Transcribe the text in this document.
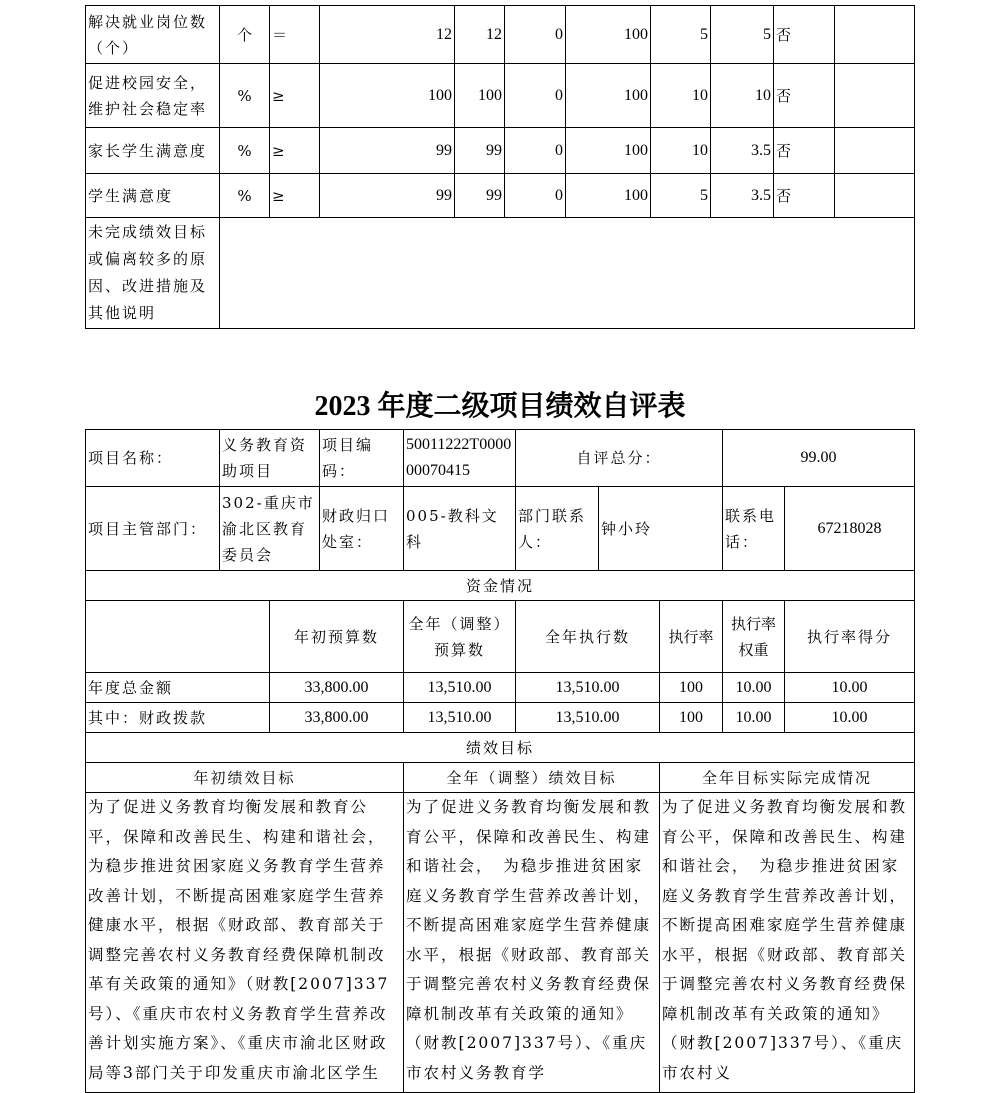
解决就业岗位数（个）	个	＝	12	12	0	100	5	5	否	
促进校园安全，维护社会稳定率	%	≥	100	100	0	100	10	10	否	
家长学生满意度	%	≥	99	99	0	100	10	3.5	否	
学生满意度	%	≥	99	99	0	100	5	3.5	否	
未完成绩效目标或偏离较多的原因、改进措施及其他说明										
2023 年度二级项目绩效自评表
项目名称：	义务教育资助项目		项目编码：	50011222T000000070415	自评总分：			99.00	
项目主管部门：	302-重庆市渝北区教育委员会		财政归口处室：	005-教科文科	部门联系人：	钟小玲		联系电话：	67218028
资金情况									
		年初预算数		全年（调整）预算数	全年执行数		执行率	执行率权重	执行率得分
年度总金额		33,800.00		13,510.00	13,510.00		100	10.00	10.00
其中：财政拨款		33,800.00		13,510.00	13,510.00		100	10.00	10.00
绩效目标									
年初绩效目标				全年（调整）绩效目标			全年目标实际完成情况		
为了促进义务教育均衡发展和教育公平，保障和改善民生、构建和谐社会，为稳步推进贫困家庭义务教育学生营养改善计划，不断提高困难家庭学生营养健康水平，根据《财政部、教育部关于调整完善农村义务教育经费保障机制改革有关政策的通知》（财教[2007]337号）、《重庆市农村义务教育学生营养改善计划实施方案》、《重庆市渝北区财政局等3部门关于印发重庆市渝北区学生				为了促进义务教育均衡发展和教育公平，保障和改善民生、构建和谐社会，　为稳步推进贫困家庭义务教育学生营养改善计划，不断提高困难家庭学生营养健康水平，根据《财政部、教育部关于调整完善农村义务教育经费保障机制改革有关政策的通知》（财教[2007]337号）、《重庆市农村义务教育学			为了促进义务教育均衡发展和教育公平，保障和改善民生、构建和谐社会，　为稳步推进贫困家庭义务教育学生营养改善计划，不断提高困难家庭学生营养健康水平，根据《财政部、教育部关于调整完善农村义务教育经费保障机制改革有关政策的通知》（财教[2007]337号）、《重庆市农村义		
